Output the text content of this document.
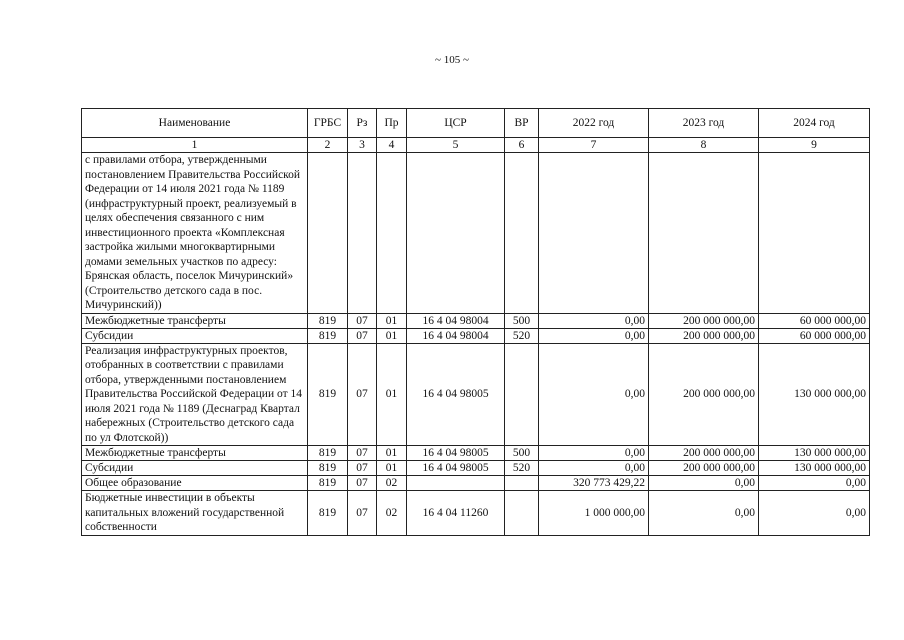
~ 105 ~
Наименование	ГРБС	Рз	Пр	ЦСР	ВР	2022 год	2023 год	2024 год
1	2	3	4	5	6	7	8	9
с правилами отбора, утвержденными постановлением Правительства Российской Федерации от 14 июля 2021 года № 1189 (инфраструктурный проект, реализуемый в целях обеспечения связанного с ним инвестиционного проекта «Комплексная застройка жилыми многоквартирными домами земельных участков по адресу: Брянская область, поселок Мичуринский» (Строительство детского сада в пос. Мичуринский))								
Межбюджетные трансферты	819	07	01	16 4 04 98004	500	0,00	200 000 000,00	60 000 000,00
Субсидии	819	07	01	16 4 04 98004	520	0,00	200 000 000,00	60 000 000,00
Реализация инфраструктурных проектов, отобранных в соответствии с правилами отбора, утвержденными постановлением Правительства Российской Федерации от 14 июля 2021 года № 1189 (Деснаград Квартал набережных (Строительство детского сада по ул Флотской))	819	07	01	16 4 04 98005		0,00	200 000 000,00	130 000 000,00
Межбюджетные трансферты	819	07	01	16 4 04 98005	500	0,00	200 000 000,00	130 000 000,00
Субсидии	819	07	01	16 4 04 98005	520	0,00	200 000 000,00	130 000 000,00
Общее образование	819	07	02			320 773 429,22	0,00	0,00
Бюджетные инвестиции в объекты капитальных вложений государственной собственности	819	07	02	16 4 04 11260		1 000 000,00	0,00	0,00
